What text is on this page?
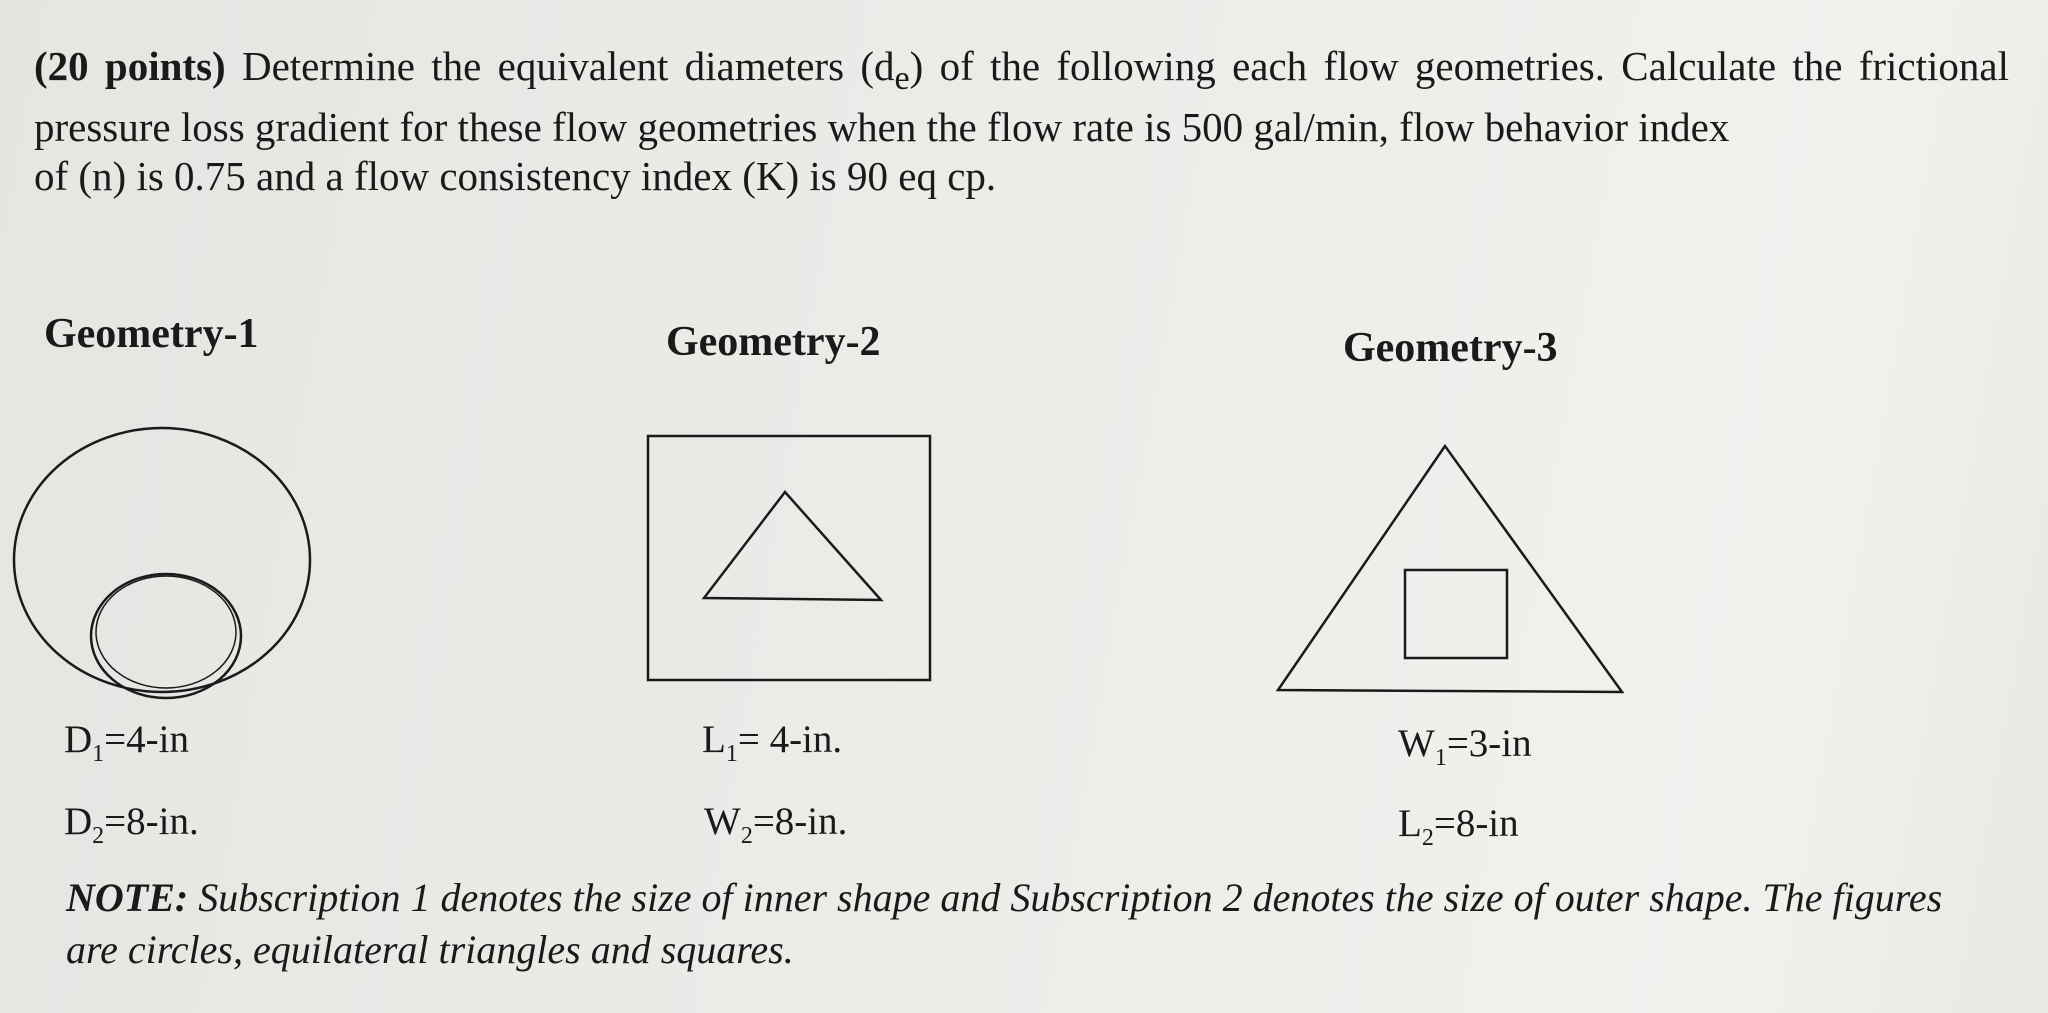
(20 points) Determine the equivalent diameters $(d_e)$ of the following each flow geometries. Calculate the frictional pressure loss gradient for these flow geometries when the flow rate is 500 gal/min, flow behavior index
of (n) is 0.75 and a flow consistency index (K) is 90 eq cp.
Geometry-1	Geometry-2	Geometry-3
$D_1=4-in$
$D_2=8-in$.
$L_1= 4-in$.
$W_2=8-in$.
$W_1=3-in$
$L_2=8-in$
NOTE: Subscription 1 denotes the size of inner shape and Subscription 2 denotes the size of outer shape. The figures are circles, equilateral triangles and squares.
